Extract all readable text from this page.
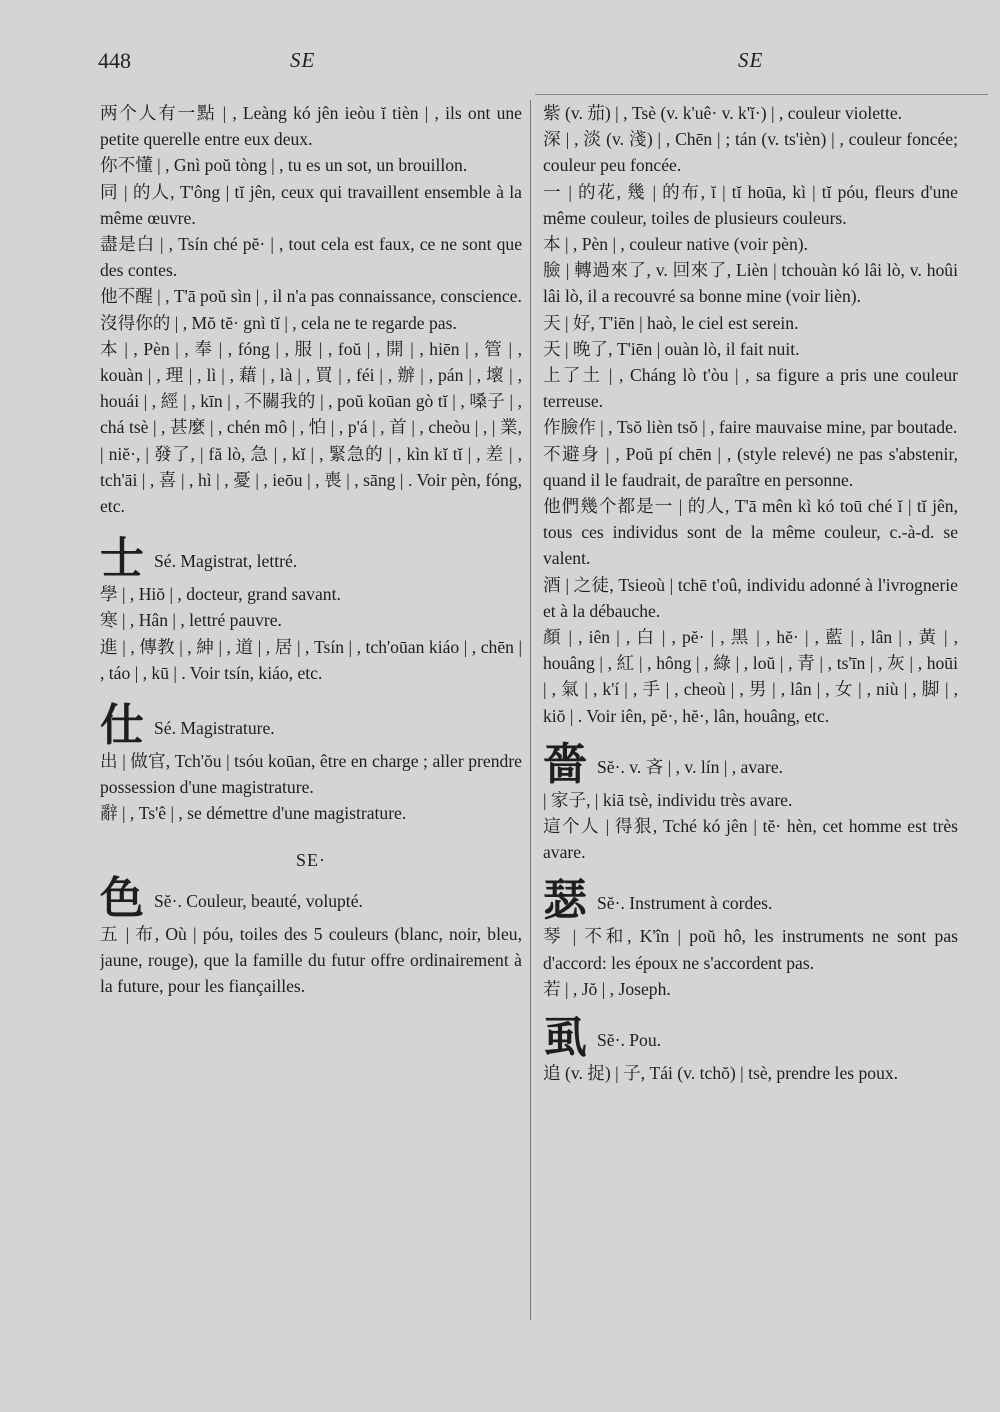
448	SE	SE

两个人有一點 | , Leàng kó jên ieòu ĭ tièn | , ils ont une petite querelle entre eux deux.

你不懂 | , Gnì poŭ tòng | , tu es un sot, un brouillon.

同 | 的人, T'ông | tĭ jên, ceux qui travaillent ensemble à la même œuvre.

盡是白 | , Tsín ché pĕ· | , tout cela est faux, ce ne sont que des contes.

他不醒 | , T'ā poŭ sìn | , il n'a pas connaissance, conscience.

沒得你的 | , Mŏ tĕ· gnì tĭ | , cela ne te regarde pas.

本 | , Pèn | , 奉 | , fóng | , 服 | , foŭ | , 開 | , hiēn | , 管 | , kouàn | , 理 | , lì | , 藉 | , là | , 買 | , féi | , 辦 | , pán | , 壞 | , houái | , 經 | , kīn | , 不關我的 | , poŭ koūan gò tĭ | , 嗓子 | , chá tsè | , 甚麼 | , chén mô | , 怕 | , p'á | , 首 | , cheòu | , | 業, | niĕ·, | 發了, | fă lò, 急 | , kĭ | , 緊急的 | , kìn kĭ tĭ | , 差 | , tch'āi | , 喜 | , hì | , 憂 | , ieōu | , 喪 | , sāng | . Voir pèn, fóng, etc.

士 Sé. Magistrat, lettré.

學 | , Hiŏ | , docteur, grand savant.

寒 | , Hân | , lettré pauvre.

進 | , 傳教 | , 紳 | , 道 | , 居 | , Tsín | , tch'oūan kiáo | , chēn | , táo | , kū | . Voir tsín, kiáo, etc.

仕 Sé. Magistrature.

出 | 做官, Tch'ŏu | tsóu koūan, être en charge ; aller prendre possession d'une magistrature.

辭 | , Ts'ê | , se démettre d'une magistrature.

SE·

色 Sĕ·. Couleur, beauté, volupté.

五 | 布, Où | póu, toiles des 5 couleurs (blanc, noir, bleu, jaune, rouge), que la famille du futur offre ordinairement à la future, pour les fiançailles.

紫 (v. 茄) | , Tsè (v. k'uê· v. k'ĭ·) | , couleur violette.

深 | , 淡 (v. 淺) | , Chēn | ; tán (v. ts'ièn) | , couleur foncée; couleur peu foncée.

一 | 的花, 幾 | 的布, ĭ | tĭ hoūa, kì | tĭ póu, fleurs d'une même couleur, toiles de plusieurs couleurs.

本 | , Pèn | , couleur native (voir pèn).

臉 | 轉過來了, v. 回來了, Lièn | tchouàn kó lâi lò, v. hoûi lâi lò, il a recouvré sa bonne mine (voir lièn).

天 | 好, T'iēn | haò, le ciel est serein.

天 | 晚了, T'iēn | ouàn lò, il fait nuit.

上了土 | , Cháng lò t'òu | , sa figure a pris une couleur terreuse.

作臉作 | , Tsŏ lièn tsŏ | , faire mauvaise mine, par boutade.

不避身 | , Poŭ pí chēn | , (style relevé) ne pas s'abstenir, quand il le faudrait, de paraître en personne.

他們幾个都是一 | 的人, T'ā mên kì kó toū ché ĭ | tĭ jên, tous ces individus sont de la même couleur, c.-à-d. se valent.

酒 | 之徒, Tsieoù | tchē t'oû, individu adonné à l'ivrognerie et à la débauche.

顏 | , iên | , 白 | , pĕ· | , 黑 | , hĕ· | , 藍 | , lân | , 黃 | , houâng | , 紅 | , hông | , 綠 | , loŭ | , 青 | , ts'īn | , 灰 | , hoūi | , 氣 | , k'í | , 手 | , cheoù | , 男 | , lân | , 女 | , niù | , 脚 | , kiŏ | . Voir iên, pĕ·, hĕ·, lân, houâng, etc.

嗇 Sĕ·. v. 吝 | , v. lín | , avare.

| 家子, | kiā tsè, individu très avare.

這个人 | 得狠, Tché kó jên | tĕ· hèn, cet homme est très avare.

瑟 Sĕ·. Instrument à cordes.

琴 | 不和, K'în | poŭ hô, les instruments ne sont pas d'accord: les époux ne s'accordent pas.

若 | , Jŏ | , Joseph.

虱 Sĕ·. Pou.

追 (v. 捉) | 子, Tái (v. tchŏ) | tsè, prendre les poux.
